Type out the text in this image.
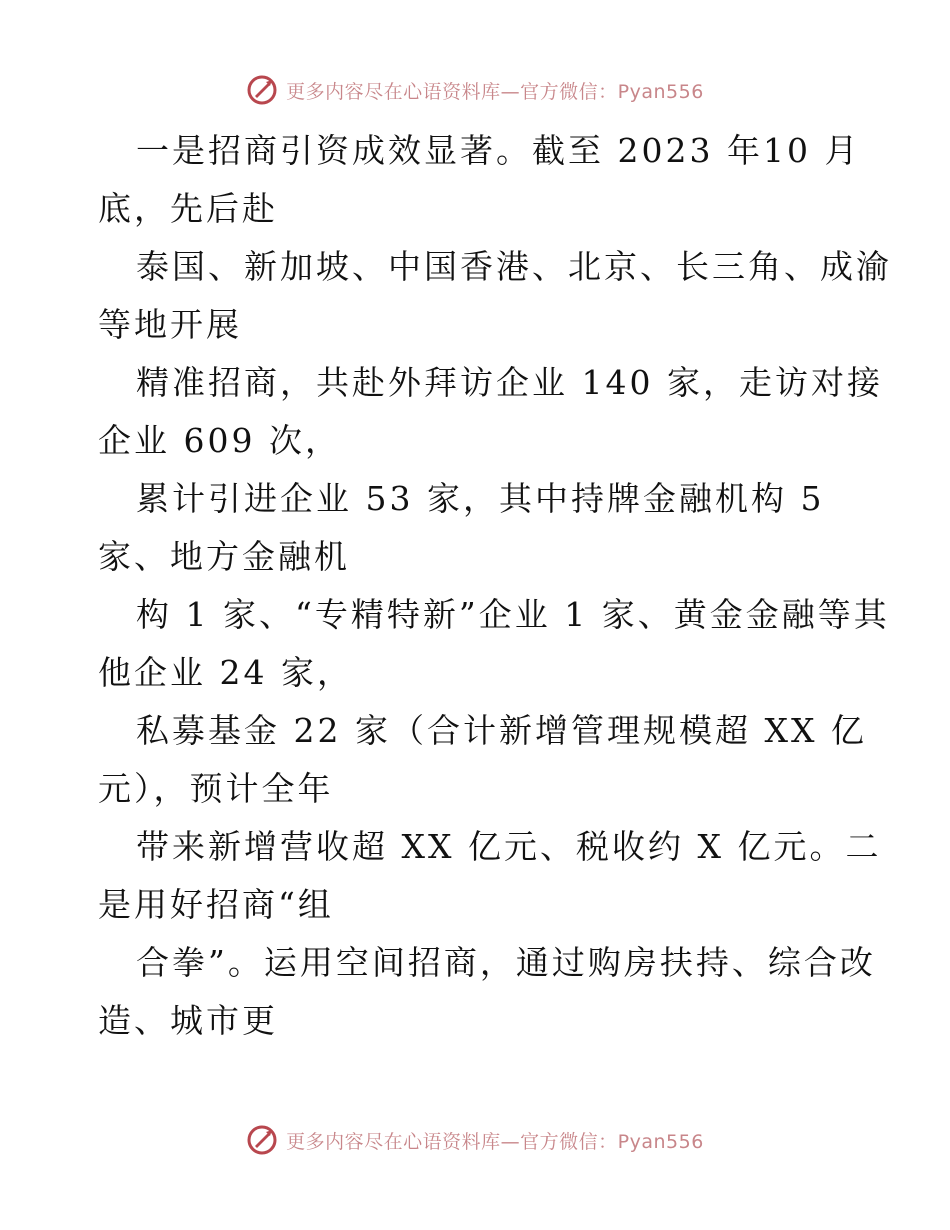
更多内容尽在心语资料库—官方微信：Pyan556
一是招商引资成效显著。截至 2023 年10 月
底，先后赴
泰国、新加坡、中国香港、北京、长三角、成渝
等地开展
精准招商，共赴外拜访企业 140 家，走访对接
企业 609 次，
累计引进企业 53 家，其中持牌金融机构 5
家、地方金融机
构 1 家、“专精特新”企业 1 家、黄金金融等其
他企业 24 家，
私募基金 22 家（合计新增管理规模超 XX 亿
元），预计全年
带来新增营收超 XX 亿元、税收约 X 亿元。二
是用好招商“组
合拳”。运用空间招商，通过购房扶持、综合改
造、城市更
更多内容尽在心语资料库—官方微信：Pyan556
